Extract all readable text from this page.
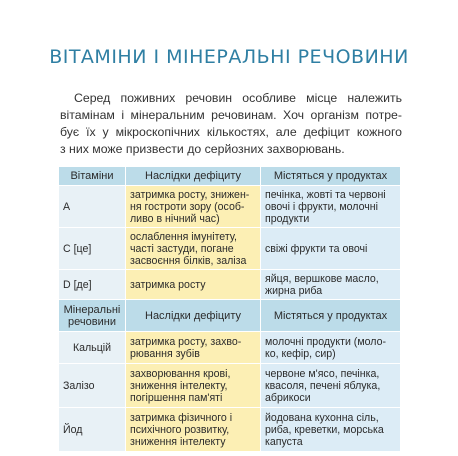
ВІТАМІНИ І МІНЕРАЛЬНІ РЕЧОВИНИ
Серед поживних речовин особливе місце належить
вітамінам і мінеральним речовинам. Хоч організм потре-
бує їх у мікроскопічних кількостях, але дефіцит кожного
з них може призвести до серйозних захворювань.
Вітаміни	Наслідки дефіциту	Містяться у продуктах
А	затримка росту, знижен-
ня гостроти зору (особ-
ливо в нічний час)	печінка, жовті та червоні
овочі і фрукти, молочні
продукти
С [це]	ослаблення імунітету,
часті застуди, погане
засвоєння білків, заліза	свіжі фрукти та овочі
D [де]	затримка росту	яйця, вершкове масло,
жирна риба
Мінеральні
речовини	Наслідки дефіциту	Містяться у продуктах
Кальцій	затримка росту, захво-
рювання зубів	молочні продукти (моло-
ко, кефір, сир)
Залізо	захворювання крові,
зниження інтелекту,
погіршення пам'яті	червоне м'ясо, печінка,
квасоля, печені яблука,
абрикоси
Йод	затримка фізичного і
психічного розвитку,
зниження інтелекту	йодована кухонна сіль,
риба, креветки, морська
капуста
